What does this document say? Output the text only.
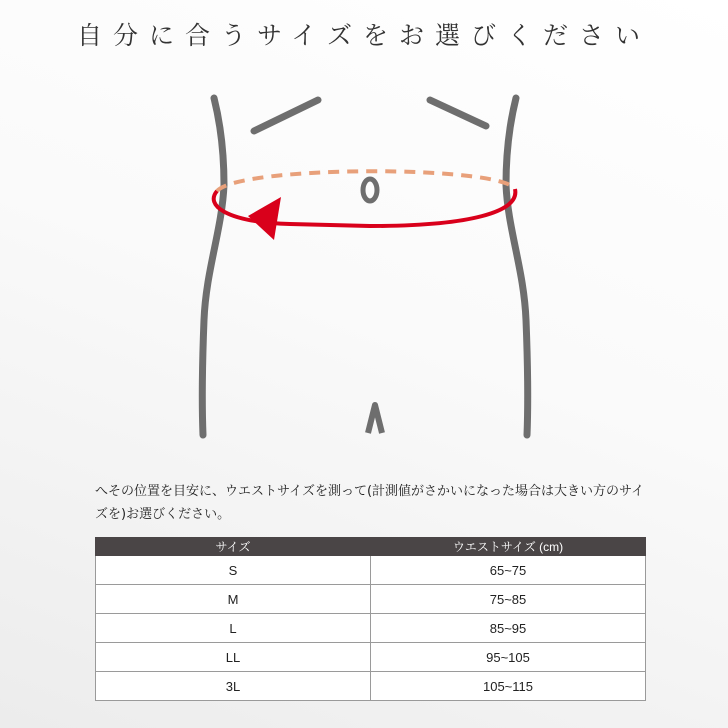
自分に合うサイズをお選びください
へその位置を目安に、ウエストサイズを測って(計測値がさかいになった場合は大きい方のサイズを)お選びください。
サイズ	ウエストサイズ (cm)
S	65~75
M	75~85
L	85~95
LL	95~105
3L	105~115
